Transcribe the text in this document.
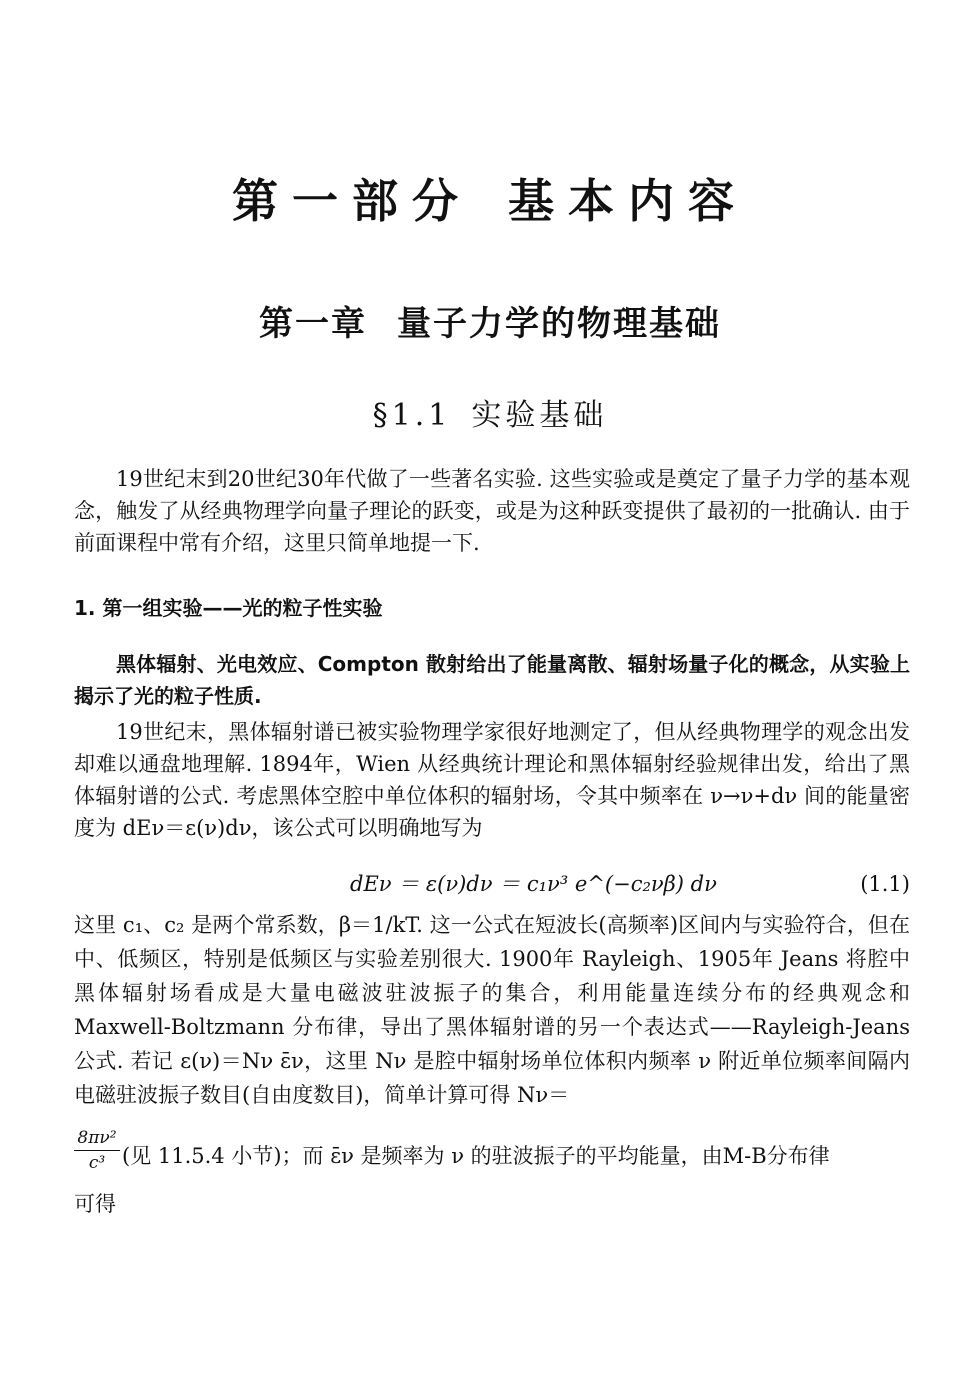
第一部分 基本内容
第一章 量子力学的物理基础
§1.1 实验基础
19世纪末到20世纪30年代做了一些著名实验. 这些实验或是奠定了量子力学的基本观念，触发了从经典物理学向量子理论的跃变，或是为这种跃变提供了最初的一批确认. 由于前面课程中常有介绍，这里只简单地提一下.
1. 第一组实验——光的粒子性实验
黑体辐射、光电效应、Compton 散射给出了能量离散、辐射场量子化的概念，从实验上揭示了光的粒子性质.
19世纪末，黑体辐射谱已被实验物理学家很好地测定了，但从经典物理学的观念出发却难以通盘地理解. 1894年，Wien 从经典统计理论和黑体辐射经验规律出发，给出了黑体辐射谱的公式. 考虑黑体空腔中单位体积的辐射场，令其中频率在 ν→ν+dν 间的能量密度为 dEν＝ε(ν)dν，该公式可以明确地写为
dEν ＝ ε(ν)dν ＝ c₁ν³ e^(−c₂νβ) dν	(1.1)
这里 c₁、c₂ 是两个常系数，β＝1/kT. 这一公式在短波长(高频率)区间内与实验符合，但在中、低频区，特别是低频区与实验差别很大. 1900年 Rayleigh、1905年 Jeans 将腔中黑体辐射场看成是大量电磁波驻波振子的集合，利用能量连续分布的经典观念和 Maxwell-Boltzmann 分布律，导出了黑体辐射谱的另一个表达式——Rayleigh-Jeans 公式. 若记 ε(ν)＝Nν ε̄ν，这里 Nν 是腔中辐射场单位体积内频率 ν 附近单位频率间隔内电磁驻波振子数目(自由度数目)，简单计算可得 Nν＝
$\frac{\text{8πν²}}{\text{c³}}$ (见 11.5.4 小节)；而 ε̄ν 是频率为 ν 的驻波振子的平均能量，由M-B分布律
可得
